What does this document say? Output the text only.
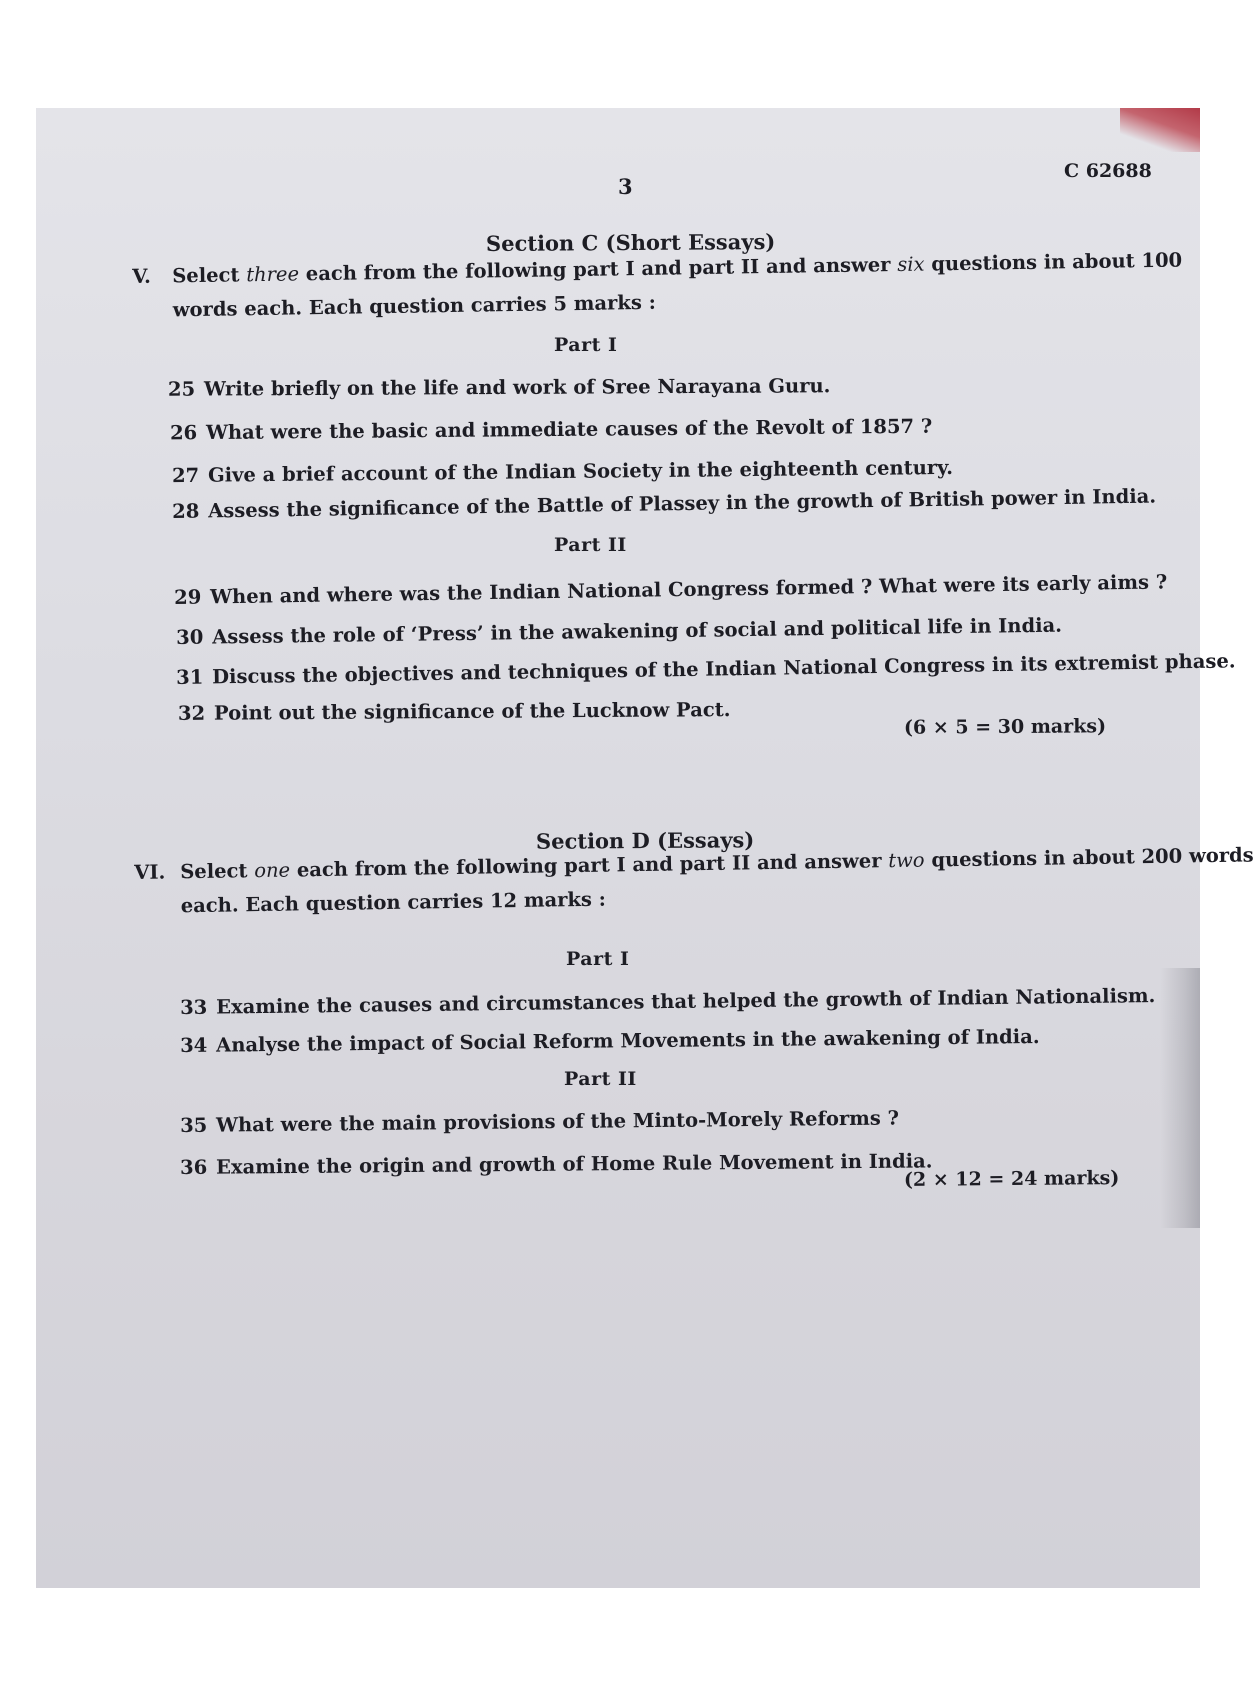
3
C 62688
Section C (Short Essays)
V. Select three each from the following part I and part II and answer six questions in about 100
words each. Each question carries 5 marks :
Part I
25 Write briefly on the life and work of Sree Narayana Guru.
26 What were the basic and immediate causes of the Revolt of 1857 ?
27 Give a brief account of the Indian Society in the eighteenth century.
28 Assess the significance of the Battle of Plassey in the growth of British power in India.
Part II
29 When and where was the Indian National Congress formed ? What were its early aims ?
30 Assess the role of ‘Press’ in the awakening of social and political life in India.
31 Discuss the objectives and techniques of the Indian National Congress in its extremist phase.
32 Point out the significance of the Lucknow Pact.
(6 × 5 = 30 marks)
Section D (Essays)
VI. Select one each from the following part I and part II and answer two questions in about 200 words
each. Each question carries 12 marks :
Part I
33 Examine the causes and circumstances that helped the growth of Indian Nationalism.
34 Analyse the impact of Social Reform Movements in the awakening of India.
Part II
35 What were the main provisions of the Minto-Morely Reforms ?
36 Examine the origin and growth of Home Rule Movement in India.
(2 × 12 = 24 marks)
